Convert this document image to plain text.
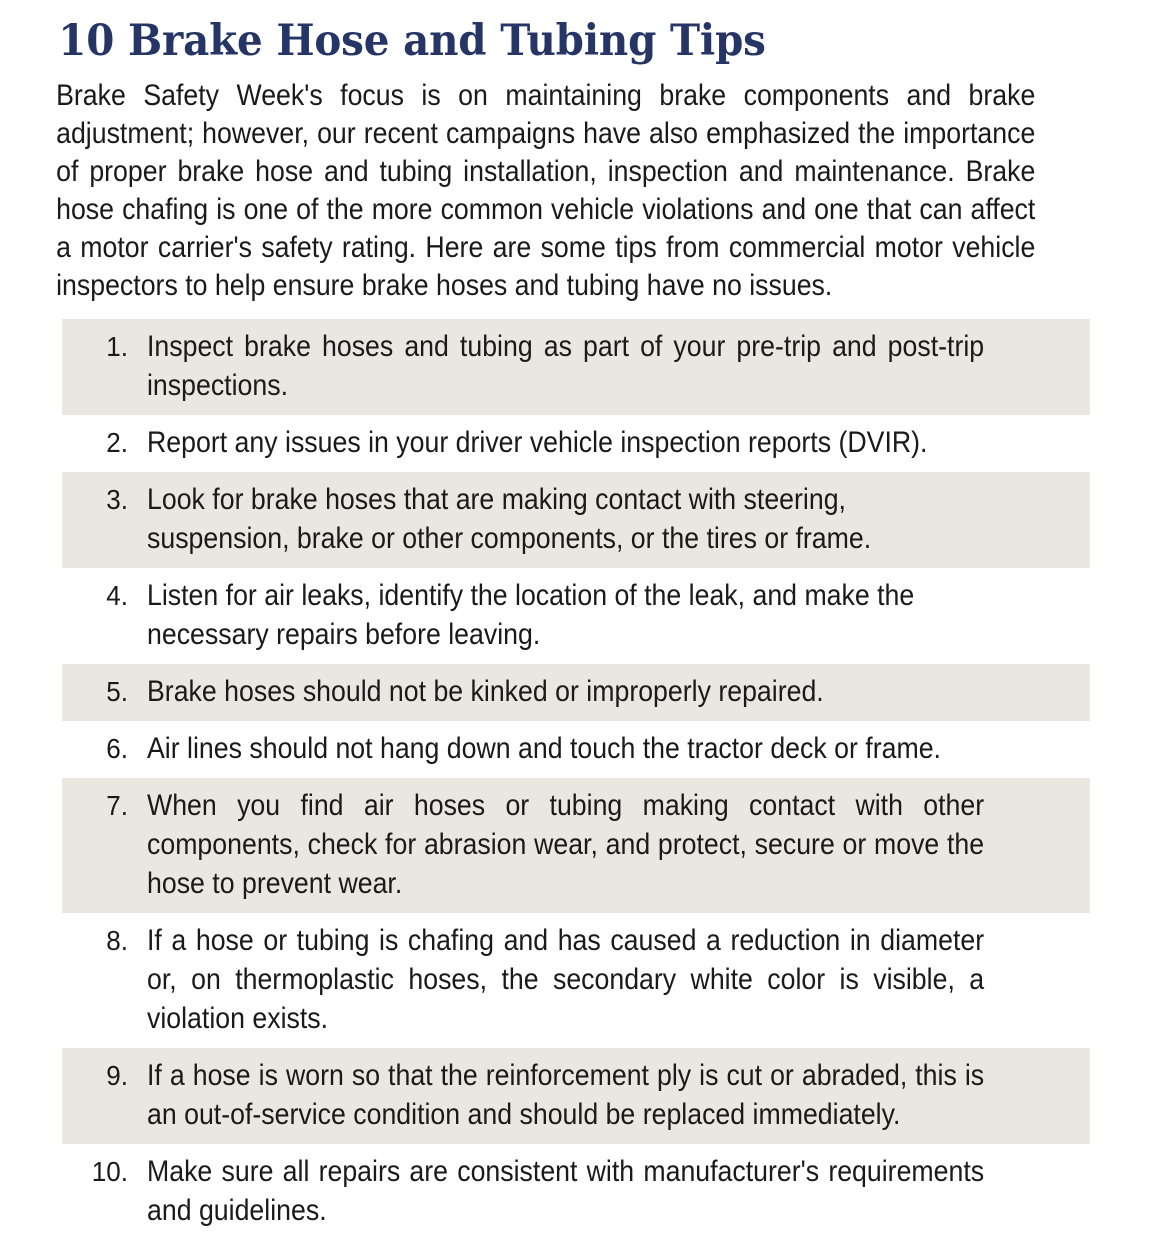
10 Brake Hose and Tubing Tips

Brake Safety Week's focus is on maintaining brake components and brake adjustment; however, our recent campaigns have also emphasized the importance of proper brake hose and tubing installation, inspection and maintenance. Brake hose chafing is one of the more common vehicle violations and one that can affect a motor carrier's safety rating. Here are some tips from commercial motor vehicle inspectors to help ensure brake hoses and tubing have no issues.

1. Inspect brake hoses and tubing as part of your pre-trip and post-trip inspections.
2. Report any issues in your driver vehicle inspection reports (DVIR).
3. Look for brake hoses that are making contact with steering, suspension, brake or other components, or the tires or frame.
4. Listen for air leaks, identify the location of the leak, and make the necessary repairs before leaving.
5. Brake hoses should not be kinked or improperly repaired.
6. Air lines should not hang down and touch the tractor deck or frame.
7. When you find air hoses or tubing making contact with other components, check for abrasion wear, and protect, secure or move the hose to prevent wear.
8. If a hose or tubing is chafing and has caused a reduction in diameter or, on thermoplastic hoses, the secondary white color is visible, a violation exists.
9. If a hose is worn so that the reinforcement ply is cut or abraded, this is an out-of-service condition and should be replaced immediately.
10. Make sure all repairs are consistent with manufacturer's requirements and guidelines.
